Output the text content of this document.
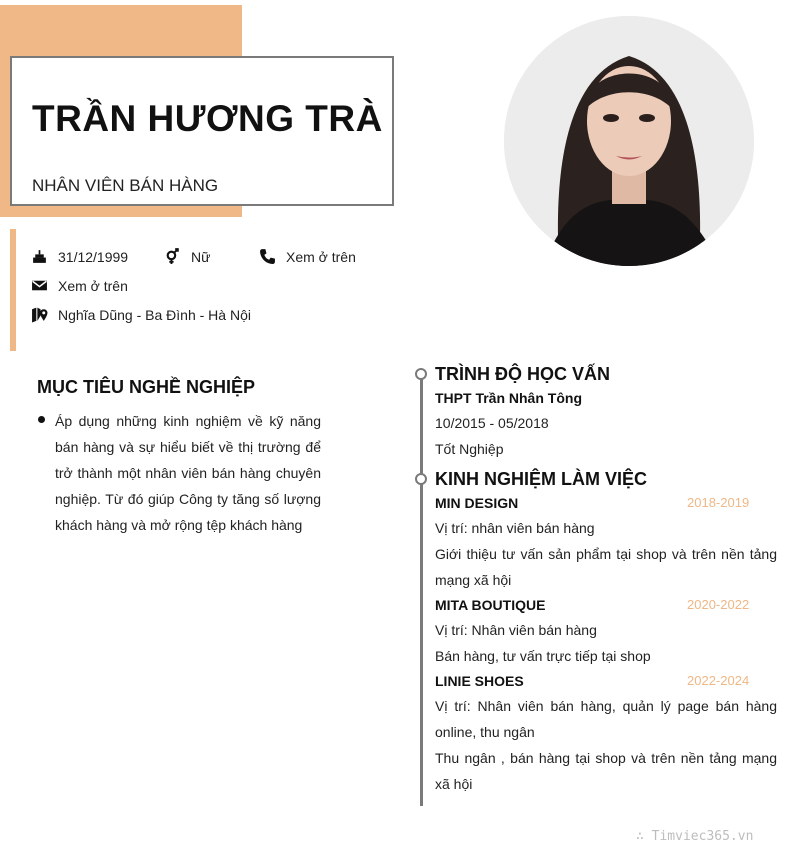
TRẦN HƯƠNG TRÀ
NHÂN VIÊN BÁN HÀNG
31/12/1999	Nữ	Xem ở trên
Xem ở trên
Nghĩa Dũng - Ba Đình - Hà Nội
MỤC TIÊU NGHỀ NGHIỆP
Áp dụng những kinh nghiệm về kỹ năng bán hàng và sự hiểu biết về thị trường để trở thành một nhân viên bán hàng chuyên nghiệp. Từ đó giúp Công ty tăng số lượng khách hàng và mở rộng tệp khách hàng
TRÌNH ĐỘ HỌC VẤN
THPT Trần Nhân Tông
10/2015 - 05/2018
Tốt Nghiệp
KINH NGHIỆM LÀM VIỆC
MIN DESIGN	2018-2019
Vị trí: nhân viên bán hàng
Giới thiệu tư vấn sản phẩm tại shop và trên nền tảng mạng xã hội
MITA BOUTIQUE	2020-2022
Vị trí: Nhân viên bán hàng
Bán hàng, tư vấn trực tiếp tại shop
LINIE SHOES	2022-2024
Vị trí: Nhân viên bán hàng, quản lý page bán hàng online, thu ngân
Thu ngân , bán hàng tại shop và trên nền tảng mạng xã hội
∴ Timviec365.vn
